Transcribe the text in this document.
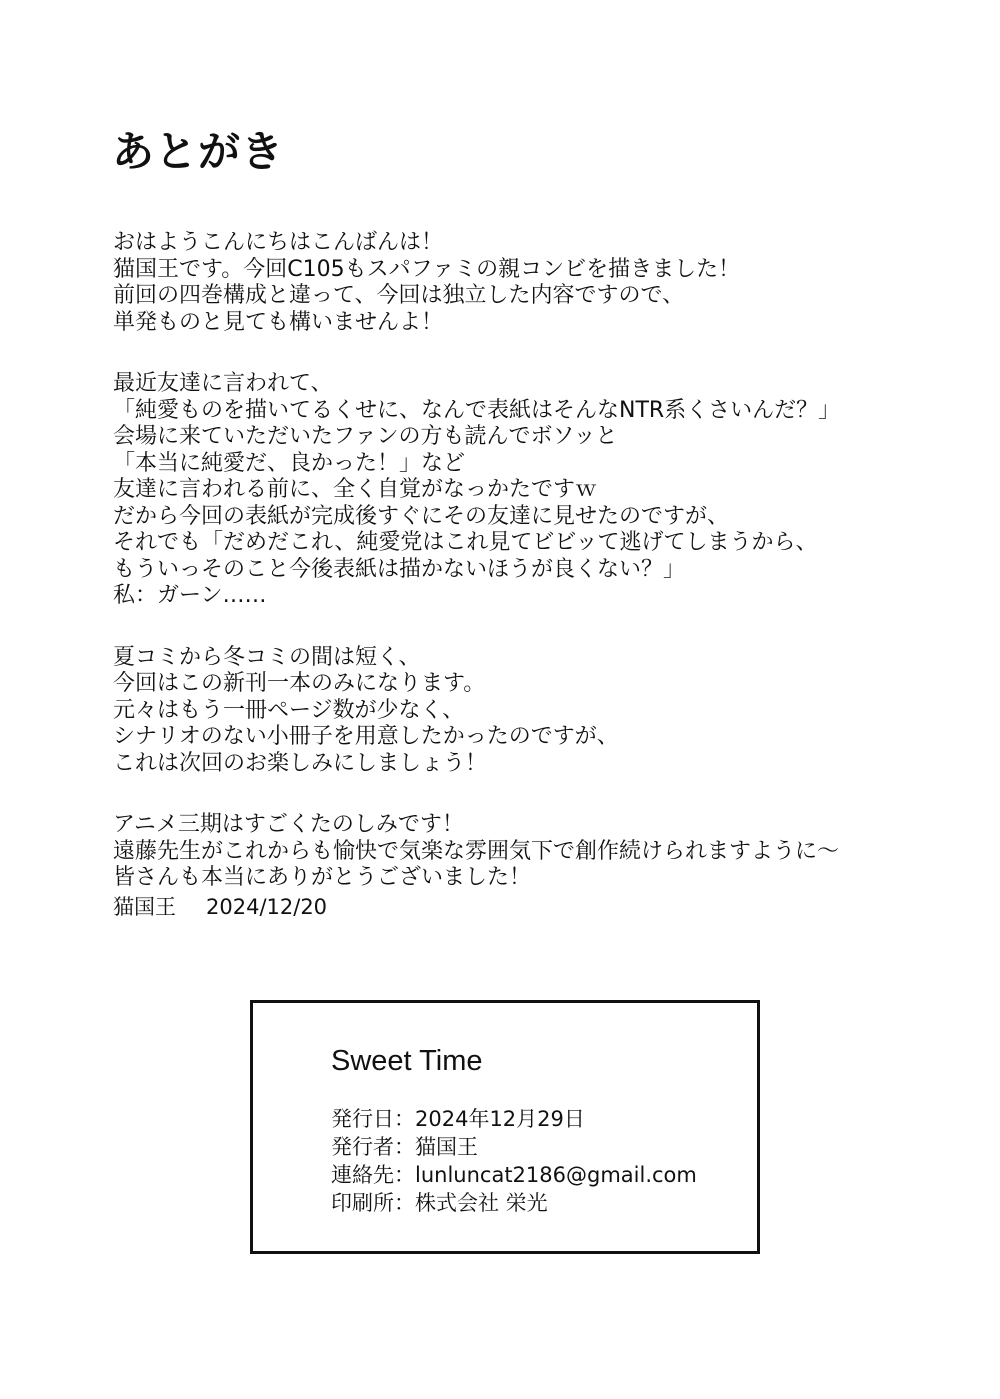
あとがき

おはようこんにちはこんばんは！
猫国王です。今回C105もスパファミの親コンビを描きました！
前回の四巻構成と違って、今回は独立した内容ですので、
単発ものと見ても構いませんよ！

最近友達に言われて、
「純愛ものを描いてるくせに、なんで表紙はそんなNTR系くさいんだ？」
会場に来ていただいたファンの方も読んでボソッと
「本当に純愛だ、良かった！」など
友達に言われる前に、全く自覚がなっかたですｗ
だから今回の表紙が完成後すぐにその友達に見せたのですが、
それでも「だめだこれ、純愛党はこれ見てビビッて逃げてしまうから、
もういっそのこと今後表紙は描かないほうが良くない？」
私：ガーン……

夏コミから冬コミの間は短く、
今回はこの新刊一本のみになります。
元々はもう一冊ページ数が少なく、
シナリオのない小冊子を用意したかったのですが、
これは次回のお楽しみにしましょう！

アニメ三期はすごくたのしみです！
遠藤先生がこれからも愉快で気楽な雰囲気下で創作続けられますように～
皆さんも本当にありがとうございました！

猫国王 2024/12/20
Sweet Time
発行日：2024年12月29日
発行者：猫国王
連絡先：lunluncat2186@gmail.com
印刷所：株式会社 栄光
